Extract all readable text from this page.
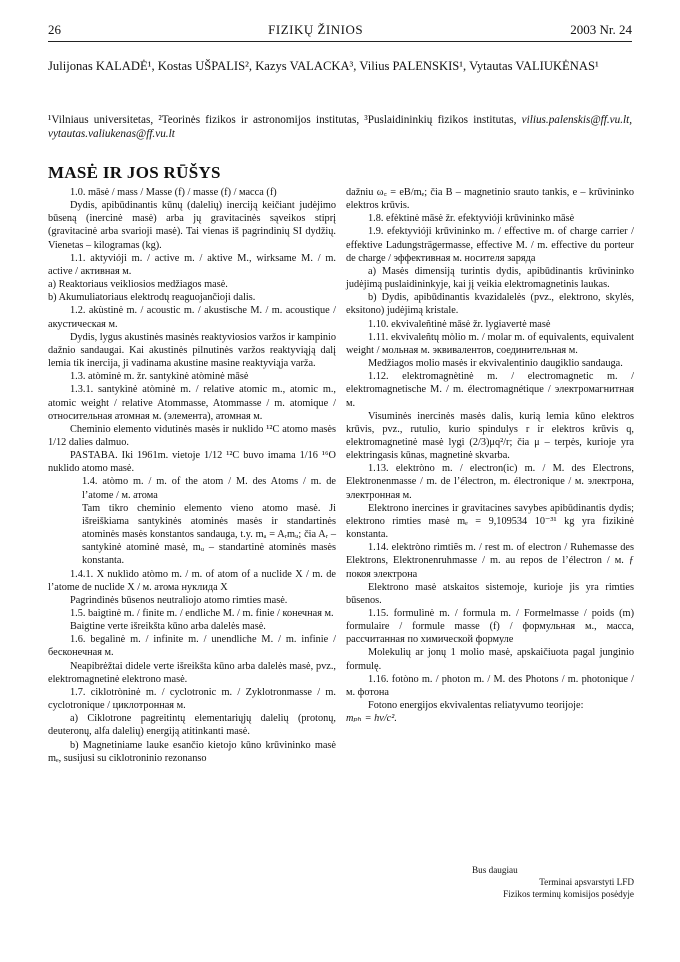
26	FIZIKŲ ŽINIOS	2003 Nr. 24
Julijonas KALADĖ¹, Kostas UŠPALIS², Kazys VALACKA³, Vilius PALENSKIS¹, Vytautas VALIUKĖNAS¹
¹Vilniaus universitetas, ²Teorinės fizikos ir astronomijos institutas, ³Puslaidininkių fizikos institutas, vilius.palenskis@ff.vu.lt, vytautas.valiukenas@ff.vu.lt
MASĖ IR JOS RŪŠYS

1.0. māsė / mass / Masse (f) / masse (f) / масса (f)

Dydis, apibūdinantis kūnų (dalelių) inerciją keičiant judėjimo būseną (inercinė masė) arba jų gravitacinės sąveikos stiprį (gravitacinė arba svarioji masė). Tai vienas iš pagrindinių SI dydžių. Vienetas – kilogramas (kg).

1.1. aktyvióji m. / active m. / aktive M., wirksame M. / m. active / активная м.

a) Reaktoriaus veikliosios medžiagos masė.

b) Akumuliatoriaus elektrodų reaguojančioji dalis.

1.2. akùstinė m. / acoustic m. / akustische M. / m. acoustique / акустическая м.

Dydis, lygus akustinės masinės reaktyviosios varžos ir kampinio dažnio sandaugai. Kai akustinės pilnutinės varžos reaktyviąją dalį lemia tik inercija, ji vadinama akustine masine reaktyviąja varža.

1.3. atòminė m. žr. santykìnė atòminė māsė

1.3.1. santykìnė atòminė m. / relative atomic m., atomic m., atomic weight / relative Atommasse, Atommasse / m. atomique / относительная атомная м. (элемента), атомная м.

Cheminio elemento vidutinės masės ir nuklido ¹²C atomo masės 1/12 dalies dalmuo.

PASTABA. Iki 1961m. vietoje 1/12 ¹²C buvo imama 1/16 ¹⁶O nuklido atomo masė.

1.4. atòmo m. / m. of the atom / M. des Atoms / m. de l’atome / м. атома

Tam tikro cheminio elemento vieno atomo masė. Ji išreiškiama santykinės atominės masės ir standartinės atominės masės konstantos sandauga, t.y. mₐ = Aᵣmᵤ; čia Aᵣ – santykinė atominė masė, mᵤ – standartinė atominės masės konstanta.

1.4.1. X nuklìdo atòmo m. / m. of atom of a nuclide X / m. de l’atome de nuclide X / м. атома нуклида X

Pagrindinės būsenos neutraliojo atomo rimties masė.

1.5. baigtìnė m. / finite m. / endliche M. / m. finie / конечная м.

Baigtine verte išreikšta kūno arba dalelės masė.

1.6. begalìnė m. / infinite m. / unendliche M. / m. infinie / бесконечная м.

Neapibrėžtai didele verte išreikšta kūno arba dalelės masė, pvz., elektromagnetinė elektrono masė.

1.7. ciklotròninė m. / cyclotronic m. / Zyklotronmasse / m. cyclotronique / циклотронная м.

a) Ciklotrone pagreitintų elementariųjų dalelių (protonų, deuteronų, alfa dalelių) energiją atitinkanti masė.

b) Magnetiniame lauke esančio kietojo kūno krūvininko masė mₑ, susijusi su ciklotroninio rezonanso

dažniu ω꜀ = eB/mₑ; čia B – magnetinio srauto tankis, e – krūvininko elektros krūvis.

1.8. efèktinė māsė žr. efektyvióji krūvininko māsė

1.9. efektyvióji krūvininko m. / effective m. of charge carrier / effektive Ladungsträgermasse, effective M. / m. effective du porteur de charge / эффективная м. носителя заряда

a) Masės dimensiją turintis dydis, apibūdinantis krūvininko judėjimą puslaidininkyje, kai jį veikia elektromagnetinis laukas.

b) Dydis, apibūdinantis kvazidalelės (pvz., elektrono, skylės, eksitono) judėjimą kristale.

1.10. ekvivaleñtinė māsė žr. lygiavertė masė

1.11. ekvivaleñtų mòlio m. / molar m. of equivalents, equivalent weight / мольная м. эквивалентов, соединительная м.

Medžiagos molio masės ir ekvivalentinio daugiklio sandauga.

1.12. elektromagnètinė m. / electromagnetic m. / elektromagnetische M. / m. électromagnétique / электромагнитная м.

Visuminės inercinės masės dalis, kurią lemia kūno elektros krūvis, pvz., rutulio, kurio spindulys r ir elektros krūvis q, elektromagnetinė masė lygi (2/3)μq²/r; čia μ – terpės, kurioje yra elektringasis kūnas, magnetinė skvarba.

1.13. elektròno m. / electron(ic) m. / M. des Electrons, Elektronenmasse / m. de l’électron, m. électronique / м. электрона, электронная м.

Elektrono inercines ir gravitacines savybes apibūdinantis dydis; elektrono rimties masė mₑ = 9,109534 10⁻³¹ kg yra fizikinė konstanta.

1.14. elektròno rimtiẽs m. / rest m. of electron / Ruhemasse des Elektrons, Elektronenruhmasse / m. au repos de l’électron / м. ƒ покоя электрона

Elektrono masė atskaitos sistemoje, kurioje jis yra rimties būsenos.

1.15. formulìnė m. / formula m. / Formelmasse / poids (m) formulaire / formule masse (f) / формульная м., масса, рассчитанная по химической формуле

Molekulių ar jonų 1 molio masė, apskaičiuota pagal junginio formulę.

1.16. fotòno m. / photon m. / M. des Photons / m. photonique / м. фотона

Fotono energijos ekvivalentas reliatyvumo teorijoje:

mₚₕ = hν/c².

Bus daugiau
Terminai apsvarstyti LFD
Fizikos terminų komisijos posėdyje
